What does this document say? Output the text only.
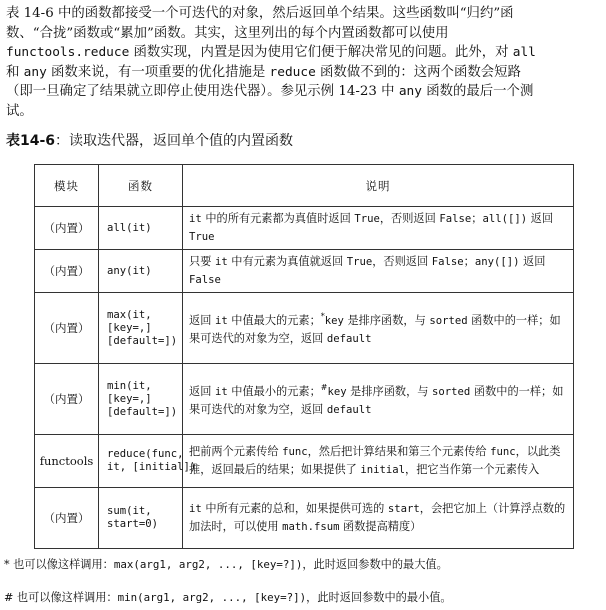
表 14-6 中的函数都接受一个可迭代的对象，然后返回单个结果。这些函数叫“归约”函
数、“合拢”函数或“累加”函数。其实，这里列出的每个内置函数都可以使用
functools.reduce 函数实现，内置是因为使用它们便于解决常见的问题。此外，对 all
和 any 函数来说，有一项重要的优化措施是 reduce 函数做不到的：这两个函数会短路
（即一旦确定了结果就立即停止使用迭代器）。参见示例 14-23 中 any 函数的最后一个测
试。
表14-6：读取迭代器，返回单个值的内置函数
模块	函数	说明
（内置）	all(it)	it 中的所有元素都为真值时返回 True，否则返回 False；all([]) 返回 True
（内置）	any(it)	只要 it 中有元素为真值就返回 True，否则返回 False；any([]) 返回 False
（内置）	max(it,
[key=,]
[default=])	返回 it 中值最大的元素；*key 是排序函数，与 sorted 函数中的一样；如果可迭代的对象为空，返回 default
（内置）	min(it,
[key=,]
[default=])	返回 it 中值最小的元素；#key 是排序函数，与 sorted 函数中的一样；如果可迭代的对象为空，返回 default
functools	reduce(func,
it, [initial])	把前两个元素传给 func，然后把计算结果和第三个元素传给 func，以此类推，返回最后的结果；如果提供了 initial，把它当作第一个元素传入
（内置）	sum(it,
start=0)	it 中所有元素的总和，如果提供可选的 start，会把它加上（计算浮点数的加法时，可以使用 math.fsum 函数提高精度）
* 也可以像这样调用：max(arg1, arg2, ..., [key=?])，此时返回参数中的最大值。
# 也可以像这样调用：min(arg1, arg2, ..., [key=?])，此时返回参数中的最小值。
